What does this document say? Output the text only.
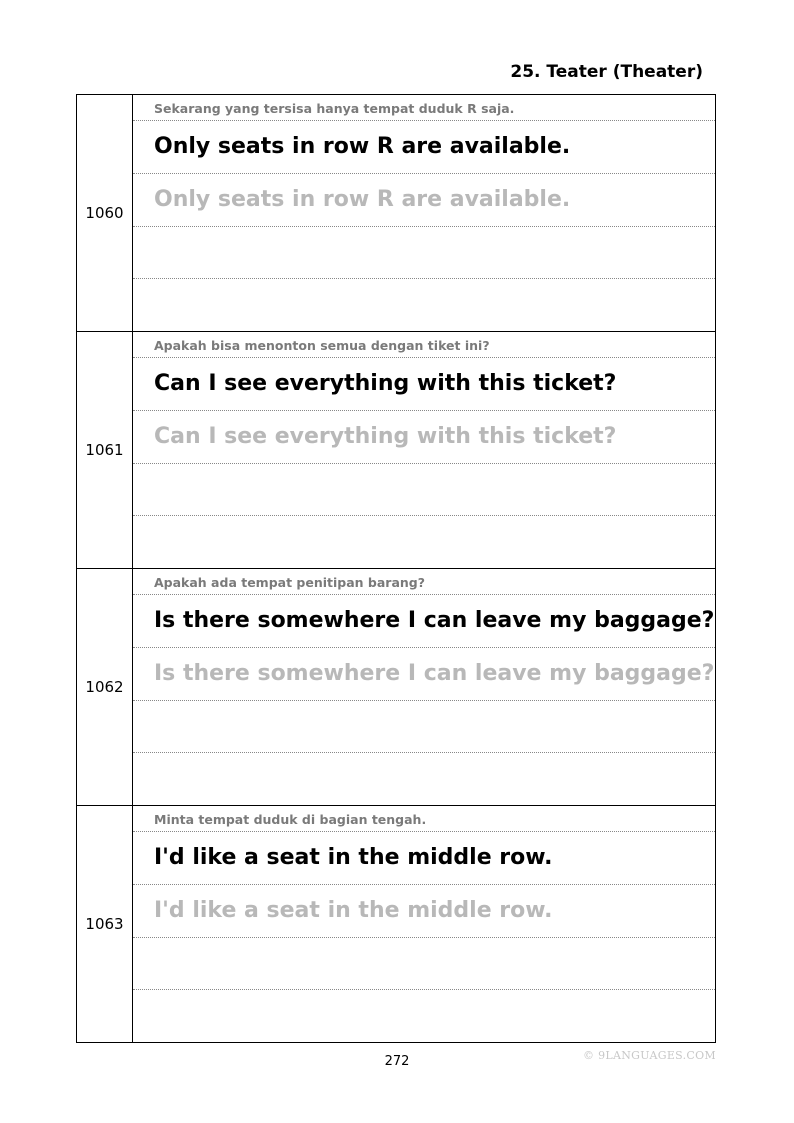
25. Teater (Theater)
1060
Sekarang yang tersisa hanya tempat duduk R saja.
Only seats in row R are available.
Only seats in row R are available.
1061
Apakah bisa menonton semua dengan tiket ini?
Can I see everything with this ticket?
Can I see everything with this ticket?
1062
Apakah ada tempat penitipan barang?
Is there somewhere I can leave my baggage?
Is there somewhere I can leave my baggage?
1063
Minta tempat duduk di bagian tengah.
I'd like a seat in the middle row.
I'd like a seat in the middle row.
272	© 9LANGUAGES.COM
